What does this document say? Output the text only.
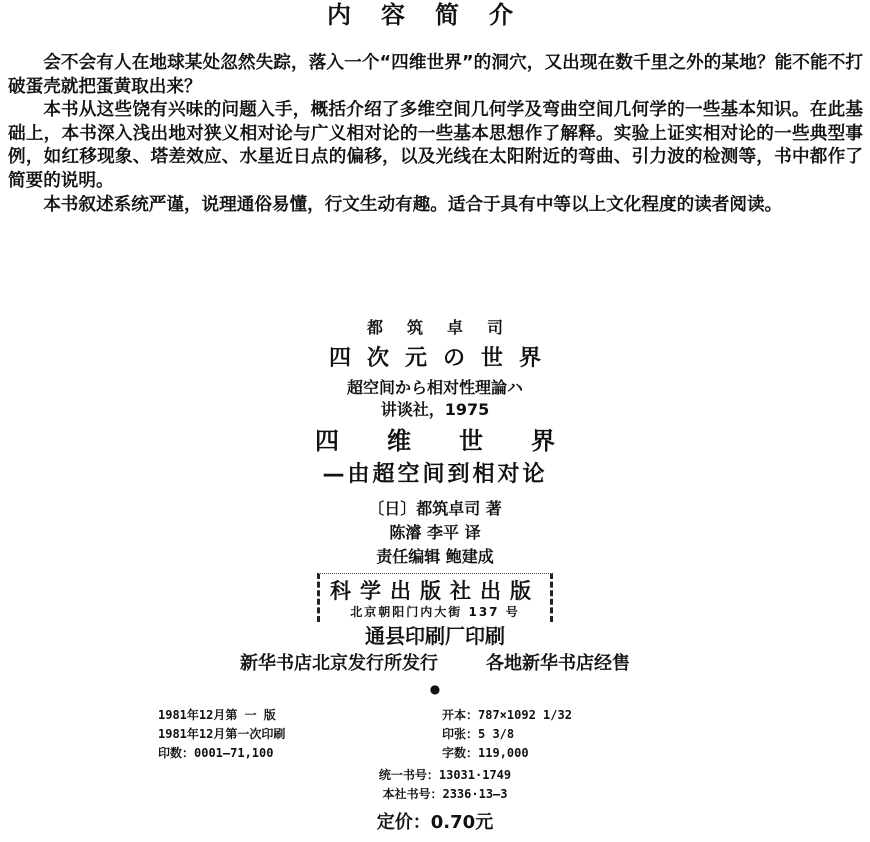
内容简介

会不会有人在地球某处忽然失踪，落入一个“四维世界”的洞穴，又出现在数千里之外的某地？能不能不打破蛋壳就把蛋黄取出来？

本书从这些饶有兴味的问题入手，概括介绍了多维空间几何学及弯曲空间几何学的一些基本知识。在此基础上，本书深入浅出地对狭义相对论与广义相对论的一些基本思想作了解释。实验上证实相对论的一些典型事例，如红移现象、塔差效应、水星近日点的偏移，以及光线在太阳附近的弯曲、引力波的检测等，书中都作了简要的说明。

本书叙述系统严谨，说理通俗易懂，行文生动有趣。适合于具有中等以上文化程度的读者阅读。

都筑卓司
四次元の世界
超空间から相对性理論ハ
讲谈社，1975
四维世界
—由超空间到相对论
〔日〕都筑卓司 著
陈濬 李平 译
责任编辑 鲍建成
科学出版社出版
北京朝阳门内大街 137 号
通县印刷厂印刷
新华书店北京发行所发行	各地新华书店经售
●
1981年12月第 一 版	开本：787×1092 1/32
1981年12月第一次印刷	印张：5 3/8
印数：0001—71,100	字数：119,000
统一书号：13031·1749
本社书号：2336·13—3
定价：0.70元
